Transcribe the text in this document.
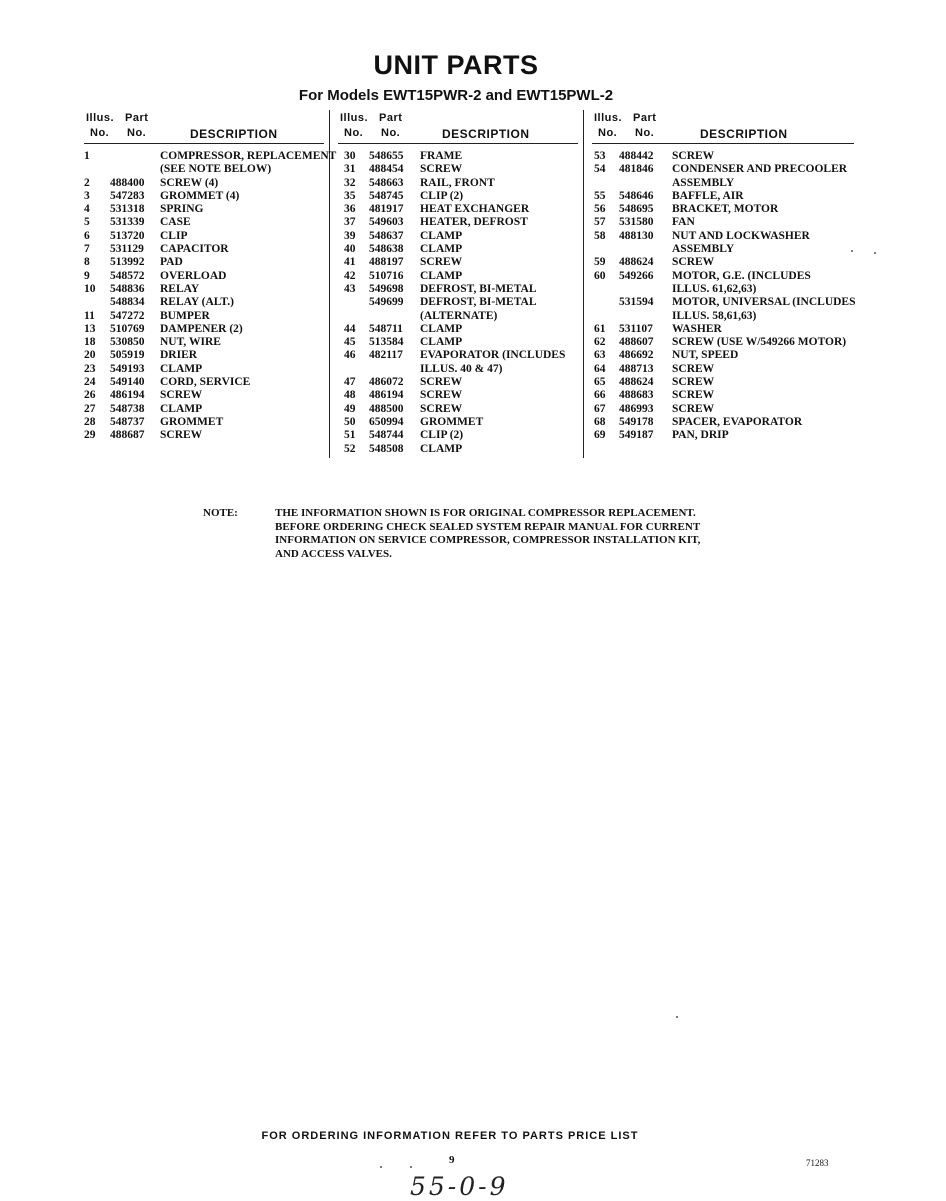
UNIT PARTS
For Models EWT15PWR-2 and EWT15PWL-2
Illus. Part
No. No.	DESCRIPTION
1	COMPRESSOR, REPLACEMENT
(SEE NOTE BELOW)
2	488400 SCREW (4)
3	547283 GROMMET (4)
4	531318 SPRING
5	531339 CASE
6	513720 CLIP
7	531129 CAPACITOR
8	513992 PAD
9	548572 OVERLOAD
10	548836 RELAY
548834 RELAY (ALT.)
11	547272 BUMPER
13	510769 DAMPENER (2)
18	530850 NUT, WIRE
20	505919 DRIER
23	549193 CLAMP
24	549140 CORD, SERVICE
26	486194 SCREW
27	548738 CLAMP
28	548737 GROMMET
29	488687 SCREW
Illus. Part
No. No.	DESCRIPTION
30	548655 FRAME
31	488454 SCREW
32	548663 RAIL, FRONT
35	548745 CLIP (2)
36	481917 HEAT EXCHANGER
37	549603 HEATER, DEFROST
39	548637 CLAMP
40	548638 CLAMP
41	488197 SCREW
42	510716 CLAMP
43	549698 DEFROST, BI-METAL
549699 DEFROST, BI-METAL
(ALTERNATE)
44	548711 CLAMP
45	513584 CLAMP
46	482117 EVAPORATOR (INCLUDES
ILLUS. 40 & 47)
47	486072 SCREW
48	486194 SCREW
49	488500 SCREW
50	650994 GROMMET
51	548744 CLIP (2)
52	548508 CLAMP
Illus. Part
No. No.	DESCRIPTION
53	488442 SCREW
54	481846 CONDENSER AND PRECOOLER
ASSEMBLY
55	548646 BAFFLE, AIR
56	548695 BRACKET, MOTOR
57	531580 FAN
58	488130 NUT AND LOCKWASHER
ASSEMBLY
59	488624 SCREW
60	549266 MOTOR, G.E. (INCLUDES
ILLUS. 61,62,63)
531594 MOTOR, UNIVERSAL (INCLUDES
ILLUS. 58,61,63)
61	531107 WASHER
62	488607 SCREW (USE W/549266 MOTOR)
63	486692 NUT, SPEED
64	488713 SCREW
65	488624 SCREW
66	488683 SCREW
67	486993 SCREW
68	549178 SPACER, EVAPORATOR
69	549187 PAN, DRIP
NOTE:	THE INFORMATION SHOWN IS FOR ORIGINAL COMPRESSOR REPLACEMENT.
BEFORE ORDERING CHECK SEALED SYSTEM REPAIR MANUAL FOR CURRENT
INFORMATION ON SERVICE COMPRESSOR, COMPRESSOR INSTALLATION KIT,
AND ACCESS VALVES.
FOR ORDERING INFORMATION REFER TO PARTS PRICE LIST
9	71283
55-0-9
